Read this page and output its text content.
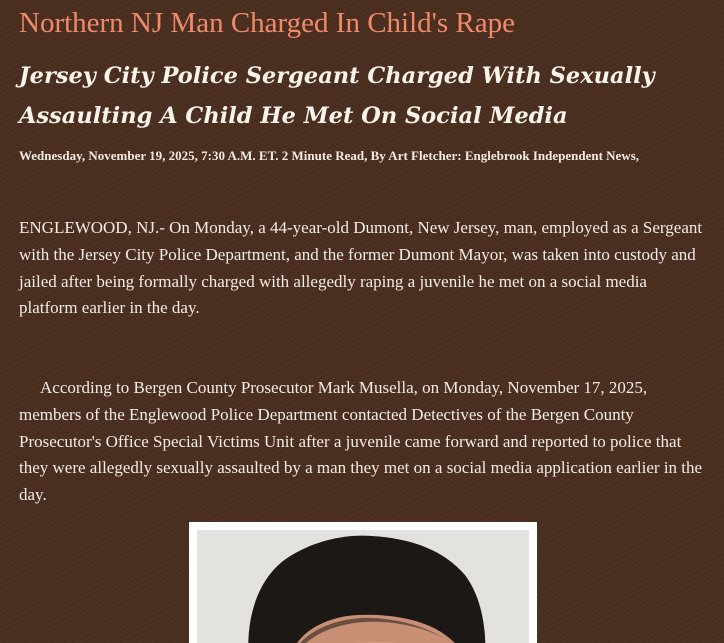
Northern NJ Man Charged In Child's Rape
Jersey City Police Sergeant Charged With Sexually Assaulting A Child He Met On Social Media

Wednesday, November 19, 2025, 7:30 A.M. ET. 2 Minute Read, By Art Fletcher: Englebrook Independent News,

ENGLEWOOD, NJ.- On Monday, a 44-year-old Dumont, New Jersey, man, employed as a Sergeant with the Jersey City Police Department, and the former Dumont Mayor, was taken into custody and jailed after being formally charged with allegedly raping a juvenile he met on a social media platform earlier in the day.

According to Bergen County Prosecutor Mark Musella, on Monday, November 17, 2025, members of the Englewood Police Department contacted Detectives of the Bergen County Prosecutor's Office Special Victims Unit after a juvenile came forward and reported to police that they were allegedly sexually assaulted by a man they met on a social media application earlier in the day.
